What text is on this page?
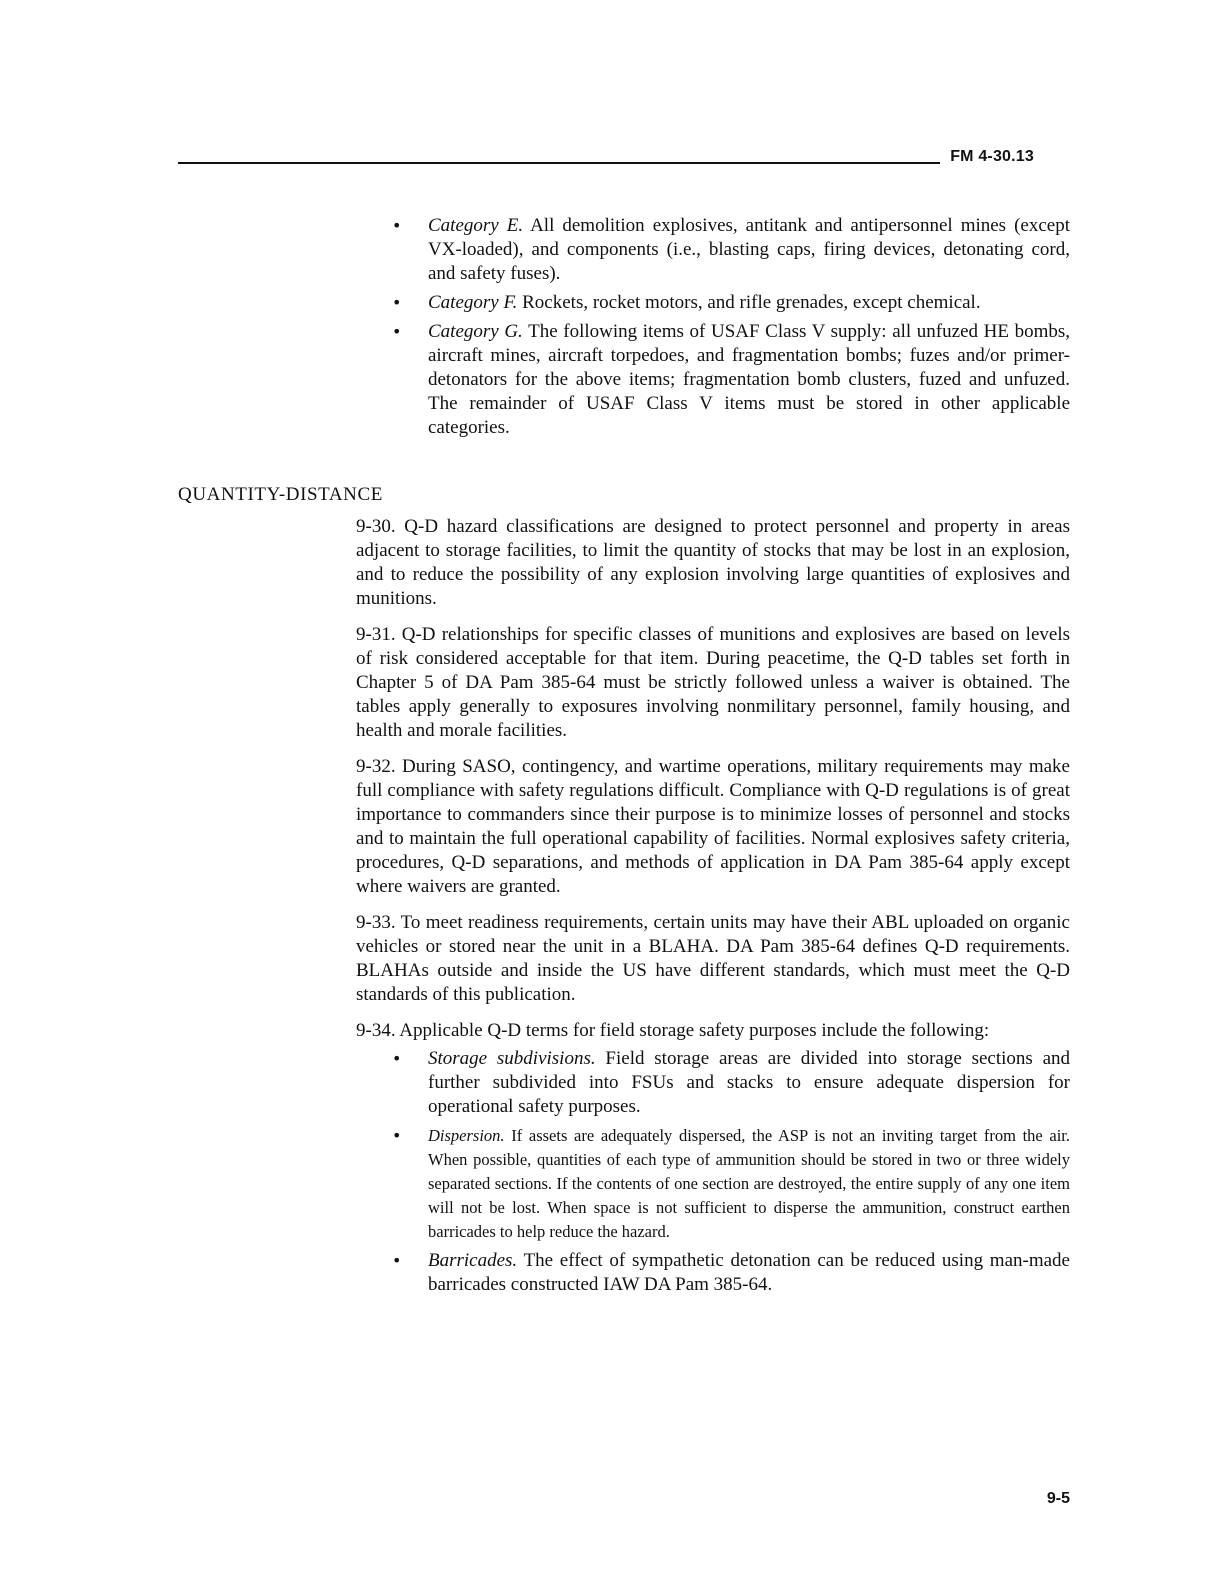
FM 4-30.13
• Category E. All demolition explosives, antitank and antipersonnel mines (except VX-loaded), and components (i.e., blasting caps, firing devices, detonating cord, and safety fuses).
• Category F. Rockets, rocket motors, and rifle grenades, except chemical.
• Category G. The following items of USAF Class V supply: all unfuzed HE bombs, aircraft mines, aircraft torpedoes, and fragmentation bombs; fuzes and/or primer-detonators for the above items; fragmentation bomb clusters, fuzed and unfuzed. The remainder of USAF Class V items must be stored in other applicable categories.
QUANTITY-DISTANCE

9-30. Q-D hazard classifications are designed to protect personnel and property in areas adjacent to storage facilities, to limit the quantity of stocks that may be lost in an explosion, and to reduce the possibility of any explosion involving large quantities of explosives and munitions.

9-31. Q-D relationships for specific classes of munitions and explosives are based on levels of risk considered acceptable for that item. During peacetime, the Q-D tables set forth in Chapter 5 of DA Pam 385-64 must be strictly followed unless a waiver is obtained. The tables apply generally to exposures involving nonmilitary personnel, family housing, and health and morale facilities.

9-32. During SASO, contingency, and wartime operations, military requirements may make full compliance with safety regulations difficult. Compliance with Q-D regulations is of great importance to commanders since their purpose is to minimize losses of personnel and stocks and to maintain the full operational capability of facilities. Normal explosives safety criteria, procedures, Q-D separations, and methods of application in DA Pam 385-64 apply except where waivers are granted.

9-33. To meet readiness requirements, certain units may have their ABL uploaded on organic vehicles or stored near the unit in a BLAHA. DA Pam 385-64 defines Q-D requirements. BLAHAs outside and inside the US have different standards, which must meet the Q-D standards of this publication.

9-34. Applicable Q-D terms for field storage safety purposes include the following:

• Storage subdivisions. Field storage areas are divided into storage sections and further subdivided into FSUs and stacks to ensure adequate dispersion for operational safety purposes.
• Dispersion. If assets are adequately dispersed, the ASP is not an inviting target from the air. When possible, quantities of each type of ammunition should be stored in two or three widely separated sections. If the contents of one section are destroyed, the entire supply of any one item will not be lost. When space is not sufficient to disperse the ammunition, construct earthen barricades to help reduce the hazard.
• Barricades. The effect of sympathetic detonation can be reduced using man-made barricades constructed IAW DA Pam 385-64.
9-5
